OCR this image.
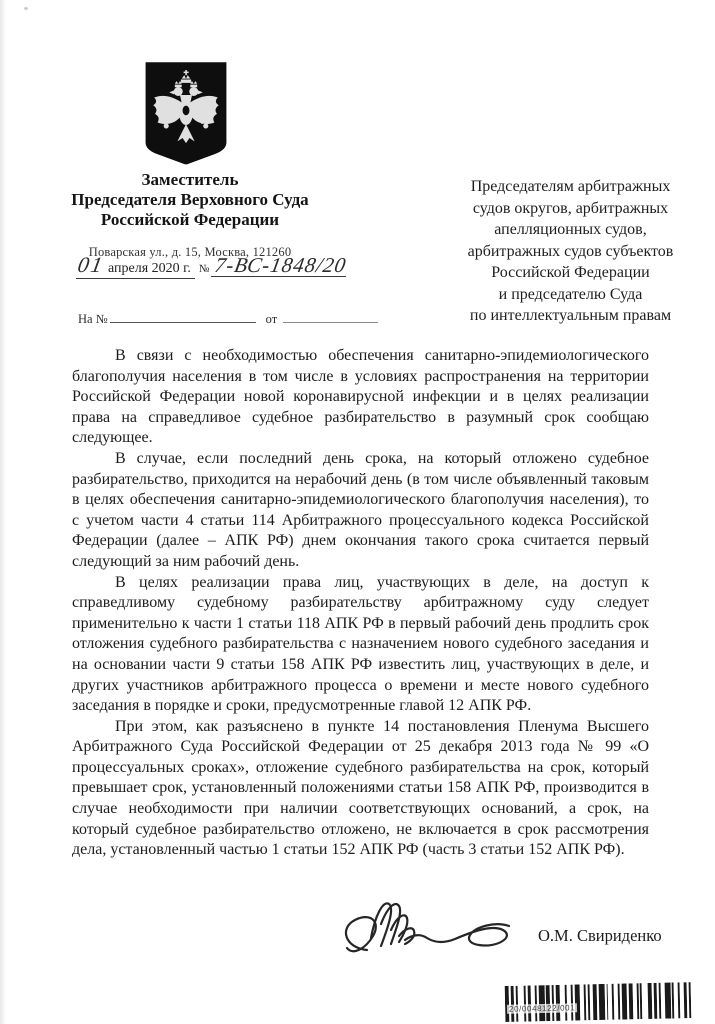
Заместитель
Председателя Верховного Суда
Российской Федерации
Поварская ул., д. 15, Москва, 121260
01 апреля 2020 г. № 7-ВС-1848/20
На №	от
Председателям арбитражных
судов округов, арбитражных
апелляционных судов,
арбитражных судов субъектов
Российской Федерации
и председателю Суда
по интеллектуальным правам

В связи с необходимостью обеспечения санитарно-эпидемиологического благополучия населения в том числе в условиях распространения на территории Российской Федерации новой коронавирусной инфекции и в целях реализации права на справедливое судебное разбирательство в разумный срок сообщаю следующее.

В случае, если последний день срока, на который отложено судебное разбирательство, приходится на нерабочий день (в том числе объявленный таковым в целях обеспечения санитарно-эпидемиологического благополучия населения), то с учетом части 4 статьи 114 Арбитражного процессуального кодекса Российской Федерации (далее – АПК РФ) днем окончания такого срока считается первый следующий за ним рабочий день.

В целях реализации права лиц, участвующих в деле, на доступ к справедливому судебному разбирательству арбитражному суду следует применительно к части 1 статьи 118 АПК РФ в первый рабочий день продлить срок отложения судебного разбирательства с назначением нового судебного заседания и на основании части 9 статьи 158 АПК РФ известить лиц, участвующих в деле, и других участников арбитражного процесса о времени и месте нового судебного заседания в порядке и сроки, предусмотренные главой 12 АПК РФ.

При этом, как разъяснено в пункте 14 постановления Пленума Высшего Арбитражного Суда Российской Федерации от 25 декабря 2013 года № 99 «О процессуальных сроках», отложение судебного разбирательства на срок, который превышает срок, установленный положениями статьи 158 АПК РФ, производится в случае необходимости при наличии соответствующих оснований, а срок, на который судебное разбирательство отложено, не включается в срок рассмотрения дела, установленный частью 1 статьи 152 АПК РФ (часть 3 статьи 152 АПК РФ).

О.М. Свириденко
20/0048122/001
